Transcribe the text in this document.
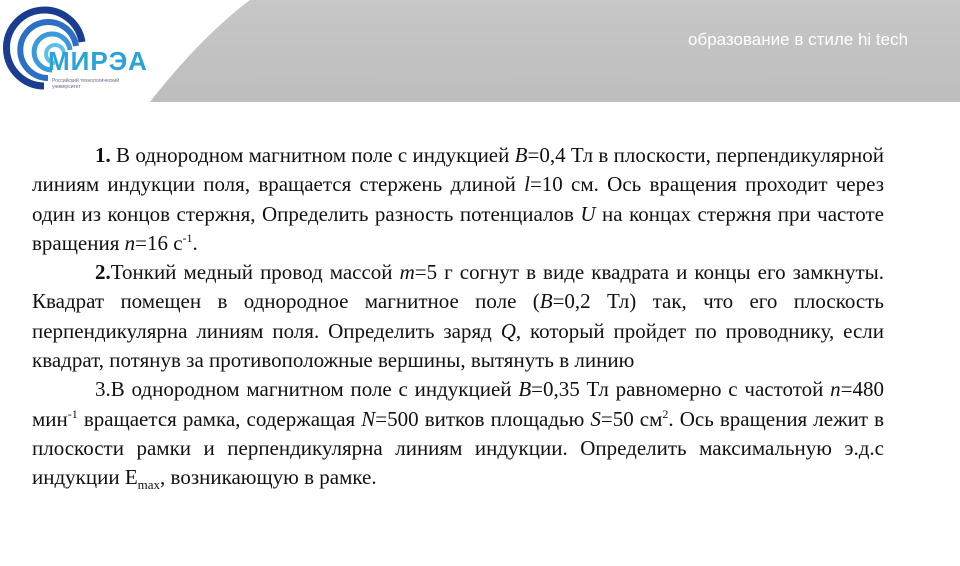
МИРЭА
Российский технологический университет
образование в стиле hi tech

1. В однородном магнитном поле с индукцией B=0,4 Тл в плоскости, перпендикулярной линиям индукции поля, вращается стержень длиной l=10 см. Ось вращения проходит через один из концов стержня, Определить разность потенциалов U на концах стержня при частоте вращения n=16 $с^{-1}$.

2.Тонкий медный провод массой m=5 г согнут в виде квадрата и концы его замкнуты. Квадрат помещен в однородное магнитное поле (B=0,2 Тл) так, что его плоскость перпендикулярна линиям поля. Определить заряд Q, который пройдет по проводнику, если квадрат, потянув за противоположные вершины, вытянуть в линию

3.В однородном магнитном поле с индукцией B=0,35 Тл равномерно с частотой n=480 мин$^{-1}$ вращается рамка, содержащая N=500 витков площадью S=50 $см^2$. Ось вращения лежит в плоскости рамки и перпендикулярна линиям индукции. Определить максимальную э.д.с индукции $E_{max}$, возникающую в рамке.
